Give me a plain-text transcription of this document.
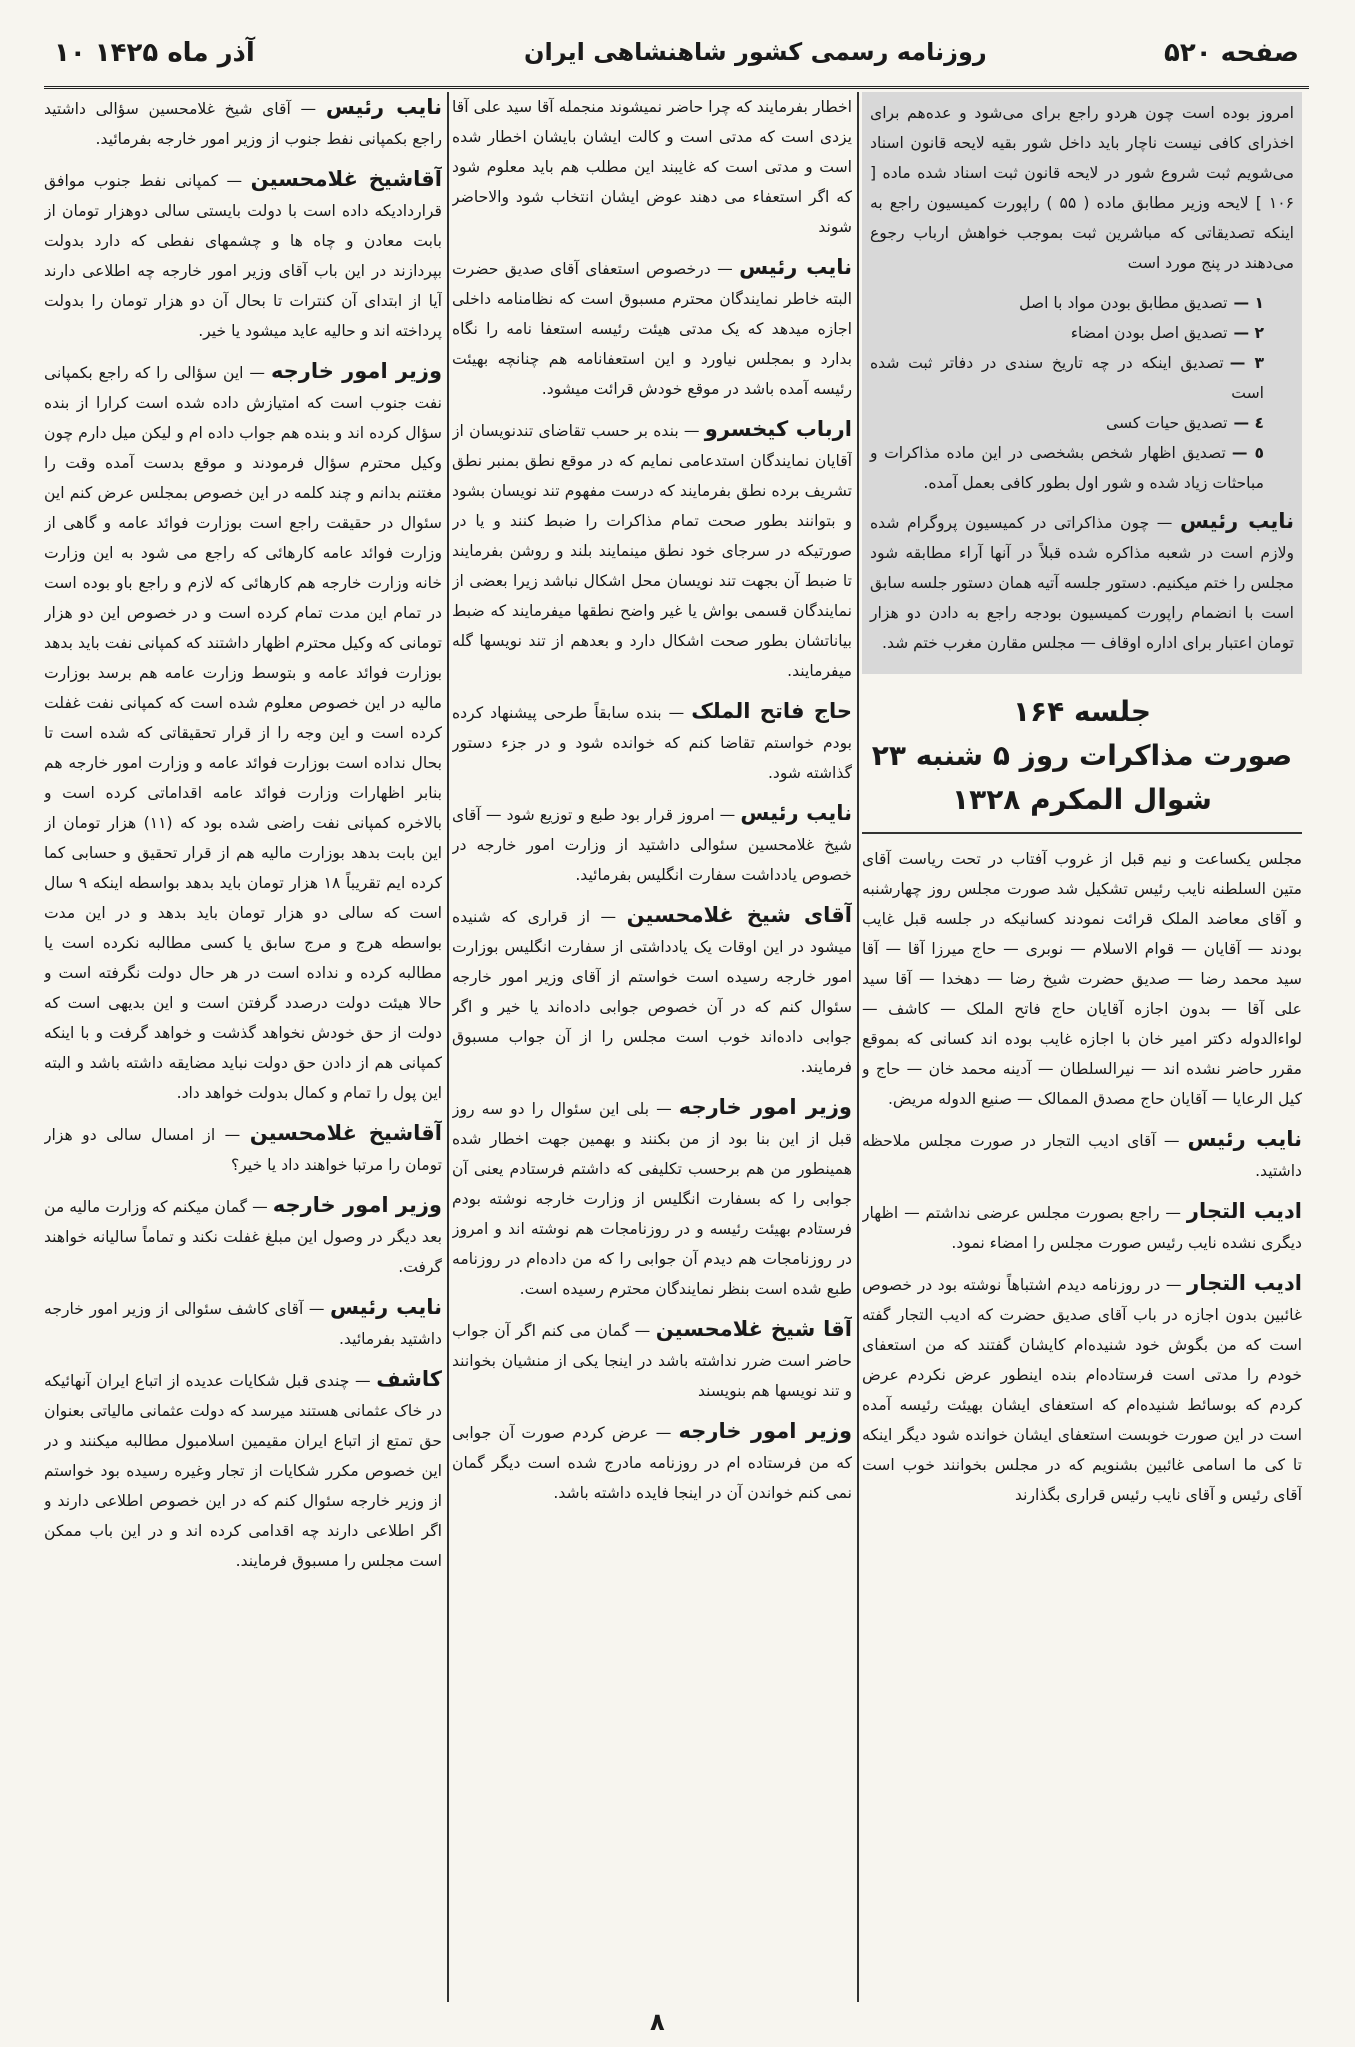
۱۰ آذر ماه ۱۴۲۵	روزنامه رسمی کشور شاهنشاهی ایران	صفحه ۵۲۰

امروز بوده است چون هردو راجع برای می‌شود و عده‌هم برای اخذرای کافی نیست ناچار باید داخل شور بقیه لایحه قانون اسناد می‌شویم ثبت شروع شور در لایحه قانون ثبت اسناد شده ماده [ ۱۰۶ ] لایحه وزیر مطابق ماده ( ۵۵ ) راپورت کمیسیون راجع به اینکه تصدیقاتی که مباشرین ثبت بموجب خواهش ارباب رجوع می‌دهند در پنج مورد است

۱ —تصدیق مطابق بودن مواد با اصل
۲ —تصدیق اصل بودن امضاء
۳ —تصدیق اینکه در چه تاریخ سندی در دفاتر ثبت شده است
٤ —تصدیق حیات کسی
٥ —تصدیق اظهار شخص بشخصی در این ماده مذاکرات و مباحثات زیاد شده و شور اول بطور کافی بعمل آمده.

نایب رئیس — چون مذاکراتی در کمیسیون پروگرام شده ولازم است در شعبه مذاکره شده قبلاً در آنها آراء مطابقه شود مجلس را ختم میکنیم. دستور جلسه آتیه همان دستور جلسه سابق است با انضمام راپورت کمیسیون بودجه راجع به دادن دو هزار تومان اعتبار برای اداره اوقاف — مجلس مقارن مغرب ختم شد.

جلسه ۱۶۴
صورت مذاکرات روز ۵ شنبه ۲۳
شوال المکرم ۱۳۲۸

مجلس یکساعت و نیم قبل از غروب آفتاب در تحت ریاست آقای متین السلطنه نایب رئیس تشکیل شد صورت مجلس روز چهارشنبه و آقای معاضد الملک قرائت نمودند کسانیکه در جلسه قبل غایب بودند — آقایان — قوام الاسلام — نوبری — حاج میرزا آقا — آقا سید محمد رضا — صدیق حضرت شیخ رضا — دهخدا — آقا سید علی آقا — بدون اجازه آقایان حاج فاتح الملک — کاشف — لواءالدوله دکتر امیر خان با اجازه غایب بوده اند کسانی که بموقع مقرر حاضر نشده اند — نیرالسلطان — آدینه محمد خان — حاج و کیل الرعایا — آقایان حاج مصدق الممالک — صنیع الدوله مریض.

نایب رئیس — آقای ادیب التجار در صورت مجلس ملاحظه داشتید.

ادیب التجار — راجع بصورت مجلس عرضی نداشتم — اظهار دیگری نشده نایب رئیس صورت مجلس را امضاء نمود.

ادیب التجار — در روزنامه دیدم اشتباهاً نوشته بود در خصوص غائبین بدون اجازه در باب آقای صدیق حضرت که ادیب التجار گفته است که من بگوش خود شنیده‌ام کایشان گفتند که من استعفای خودم را مدتی است فرستاده‌ام بنده اینطور عرض نکردم عرض کردم که بوسائط شنیده‌ام که استعفای ایشان بهیئت رئیسه آمده است در این صورت خوبست استعفای ایشان خوانده شود دیگر اینکه تا کی ما اسامی غائبین بشنویم که در مجلس بخوانند خوب است آقای رئیس و آقای نایب رئیس قراری بگذارند

اخطار بفرمایند که چرا حاضر نمیشوند منجمله آقا سید علی آقا یزدی است که مدتی است و کالت ایشان بایشان اخطار شده است و مدتی است که غایبند این مطلب هم باید معلوم شود که اگر استعفاء می دهند عوض ایشان انتخاب شود والاحاضر شوند

نایب رئیس — درخصوص استعفای آقای صدیق حضرت البته خاطر نمایندگان محترم مسبوق است که نظامنامه داخلی اجازه میدهد که یک مدتی هیئت رئیسه استعفا نامه را نگاه بدارد و بمجلس نیاورد و این استعفانامه هم چنانچه بهیئت رئیسه آمده باشد در موقع خودش قرائت میشود.

ارباب کیخسرو — بنده بر حسب تقاضای تندنویسان از آقایان نمایندگان استدعامی نمایم که در موقع نطق بمنبر نطق تشریف برده نطق بفرمایند که درست مفهوم تند نویسان بشود و بتوانند بطور صحت تمام مذاکرات را ضبط کنند و یا در صورتیکه در سرجای خود نطق مینمایند بلند و روشن بفرمایند تا ضبط آن بجهت تند نویسان محل اشکال نباشد زیرا بعضی از نمایندگان قسمی بواش یا غیر واضح نطقها میفرمایند که ضبط بیاناتشان بطور صحت اشکال دارد و بعدهم از تند نویسها گله میفرمایند.

حاج فاتح الملک — بنده سابقاً طرحی پیشنهاد کرده بودم خواستم تقاضا کنم که خوانده شود و در جزء دستور گذاشته شود.

نایب رئیس — امروز قرار بود طبع و توزیع شود — آقای شیخ غلامحسین سئوالی داشتید از وزارت امور خارجه در خصوص یادداشت سفارت انگلیس بفرمائید.

آقای شیخ غلامحسین — از قراری که شنیده میشود در این اوقات یک یادداشتی از سفارت انگلیس بوزارت امور خارجه رسیده است خواستم از آقای وزیر امور خارجه سئوال کنم که در آن خصوص جوابی داده‌اند یا خیر و اگر جوابی داده‌اند خوب است مجلس را از آن جواب مسبوق فرمایند.

وزیر امور خارجه — بلی این سئوال را دو سه روز قبل از این بنا بود از من بکنند و بهمین جهت اخطار شده همینطور من هم برحسب تکلیفی که داشتم فرستادم یعنی آن جوابی را که بسفارت انگلیس از وزارت خارجه نوشته بودم فرستادم بهیئت رئیسه و در روزنامجات هم نوشته اند و امروز در روزنامجات هم دیدم آن جوابی را که من داده‌ام در روزنامه طبع شده است بنظر نمایندگان محترم رسیده است.

آقا شیخ غلامحسین — گمان می کنم اگر آن جواب حاضر است ضرر نداشته باشد در اینجا یکی از منشیان بخوانند و تند نویسها هم بنویسند

وزیر امور خارجه — عرض کردم صورت آن جوابی که من فرستاده ام در روزنامه مادرج شده است دیگر گمان نمی کنم خواندن آن در اینجا فایده داشته باشد.

نایب رئیس — آقای شیخ غلامحسین سؤالی داشتید راجع بکمپانی نفط جنوب از وزیر امور خارجه بفرمائید.

آقاشیخ غلامحسین — کمپانی نفط جنوب موافق قراردادیکه داده است با دولت بایستی سالی دوهزار تومان از بابت معادن و چاه ها و چشمهای نفطی که دارد بدولت بپردازند در این باب آقای وزیر امور خارجه چه اطلاعی دارند آیا از ابتدای آن کنترات تا بحال آن دو هزار تومان را بدولت پرداخته اند و حالیه عاید میشود یا خیر.

وزیر امور خارجه — این سؤالی را که راجع بکمپانی نفت جنوب است که امتیازش داده شده است کرارا از بنده سؤال کرده اند و بنده هم جواب داده ام و لیکن میل دارم چون وکیل محترم سؤال فرمودند و موقع بدست آمده وقت را مغتنم بدانم و چند کلمه در این خصوص بمجلس عرض کنم این سئوال در حقیقت راجع است بوزارت فوائد عامه و گاهی از وزارت فوائد عامه کارهائی که راجع می شود به این وزارت خانه وزارت خارجه هم کارهائی که لازم و راجع باو بوده است در تمام این مدت تمام کرده است و در خصوص این دو هزار تومانی که وکیل محترم اظهار داشتند که کمپانی نفت باید بدهد بوزارت فوائد عامه و بتوسط وزارت عامه هم برسد بوزارت مالیه در این خصوص معلوم شده است که کمپانی نفت غفلت کرده است و این وجه را از قرار تحقیقاتی که شده است تا بحال نداده است بوزارت فوائد عامه و وزارت امور خارجه هم بنابر اظهارات وزارت فوائد عامه اقداماتی کرده است و بالاخره کمپانی نفت راضی شده بود که (۱۱) هزار تومان از این بابت بدهد بوزارت مالیه هم از قرار تحقیق و حسابی کما کرده ایم تقریباً ۱۸ هزار تومان باید بدهد بواسطه اینکه ۹ سال است که سالی دو هزار تومان باید بدهد و در این مدت بواسطه هرج و مرج سابق یا کسی مطالبه نکرده است یا مطالبه کرده و نداده است در هر حال دولت نگرفته است و حالا هیئت دولت درصدد گرفتن است و این بدیهی است که دولت از حق خودش نخواهد گذشت و خواهد گرفت و با اینکه کمپانی هم از دادن حق دولت نباید مضایقه داشته باشد و البته این پول را تمام و کمال بدولت خواهد داد.

آقاشیخ غلامحسین — از امسال سالی دو هزار تومان را مرتبا خواهند داد یا خیر؟

وزیر امور خارجه — گمان میکنم که وزارت مالیه من بعد دیگر در وصول این مبلغ غفلت نکند و تماماً سالیانه خواهند گرفت.

نایب رئیس — آقای کاشف سئوالی از وزیر امور خارجه داشتید بفرمائید.

کاشف — چندی قبل شکایات عدیده از اتباع ایران آنهائیکه در خاک عثمانی هستند میرسد که دولت عثمانی مالیاتی بعنوان حق تمتع از اتباع ایران مقیمین اسلامبول مطالبه میکنند و در این خصوص مکرر شکایات از تجار وغیره رسیده بود خواستم از وزیر خارجه سئوال کنم که در این خصوص اطلاعی دارند و اگر اطلاعی دارند چه اقدامی کرده اند و در این باب ممکن است مجلس را مسبوق فرمایند.

۸
